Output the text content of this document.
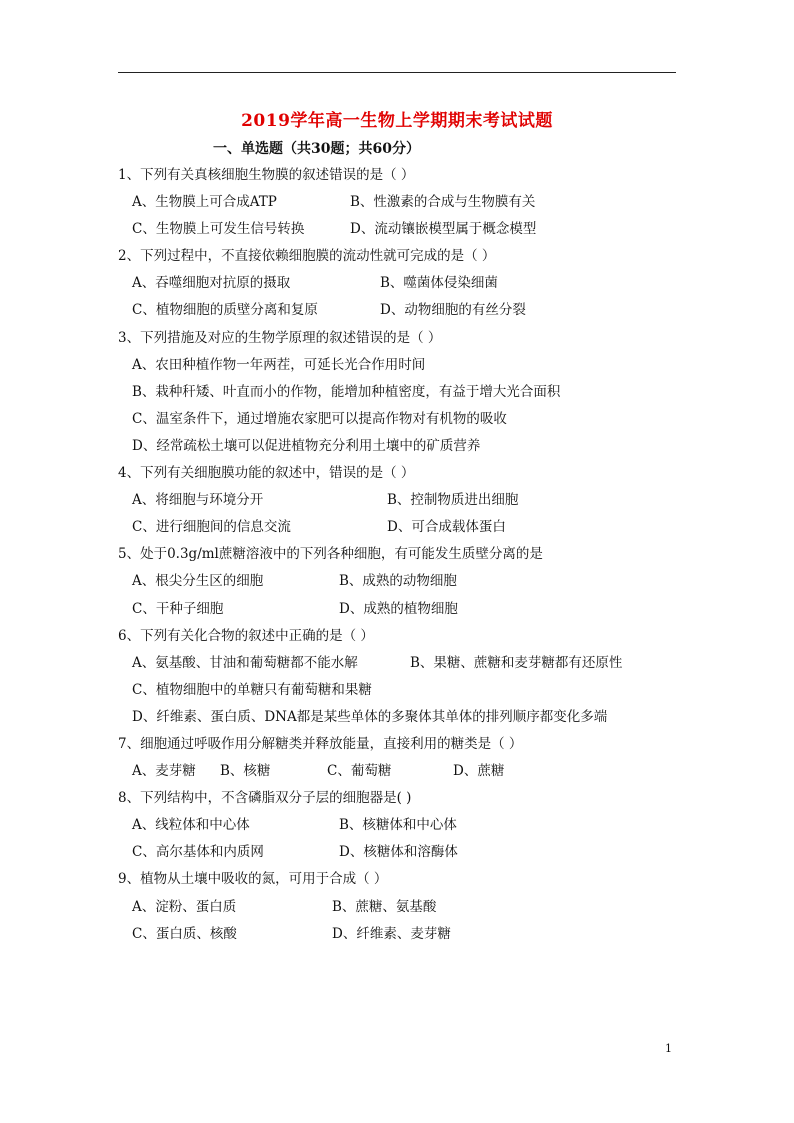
2019学年高一生物上学期期末考试试题
一、单选题（共30题；共60分）
1、下列有关真核细胞生物膜的叙述错误的是（ ）
A、生物膜上可合成ATP	B、性激素的合成与生物膜有关
C、生物膜上可发生信号转换	D、流动镶嵌模型属于概念模型
2、下列过程中，不直接依赖细胞膜的流动性就可完成的是（ ）
A、吞噬细胞对抗原的摄取	B、噬菌体侵染细菌
C、植物细胞的质壁分离和复原	D、动物细胞的有丝分裂
3、下列措施及对应的生物学原理的叙述错误的是（ ）
A、农田种植作物一年两茬，可延长光合作用时间
B、栽种秆矮、叶直而小的作物，能增加种植密度，有益于增大光合面积
C、温室条件下，通过增施农家肥可以提高作物对有机物的吸收
D、经常疏松土壤可以促进植物充分利用土壤中的矿质营养
4、下列有关细胞膜功能的叙述中，错误的是（ ）
A、将细胞与环境分开	B、控制物质进出细胞
C、进行细胞间的信息交流	D、可合成载体蛋白
5、处于0.3g/ml蔗糖溶液中的下列各种细胞，有可能发生质壁分离的是
A、根尖分生区的细胞	B、成熟的动物细胞
C、干种子细胞	D、成熟的植物细胞
6、下列有关化合物的叙述中正确的是（ ）
A、氨基酸、甘油和葡萄糖都不能水解	B、果糖、蔗糖和麦芽糖都有还原性
C、植物细胞中的单糖只有葡萄糖和果糖
D、纤维素、蛋白质、DNA都是某些单体的多聚体其单体的排列顺序都变化多端
7、细胞通过呼吸作用分解糖类并释放能量，直接利用的糖类是（ ）
A、麦芽糖 B、核糖	C、葡萄糖	D、蔗糖
8、下列结构中，不含磷脂双分子层的细胞器是( )
A、线粒体和中心体	B、核糖体和中心体
C、高尔基体和内质网	D、核糖体和溶酶体
9、植物从土壤中吸收的氮，可用于合成（ ）
A、淀粉、蛋白质	B、蔗糖、氨基酸
C、蛋白质、核酸	D、纤维素、麦芽糖
1
